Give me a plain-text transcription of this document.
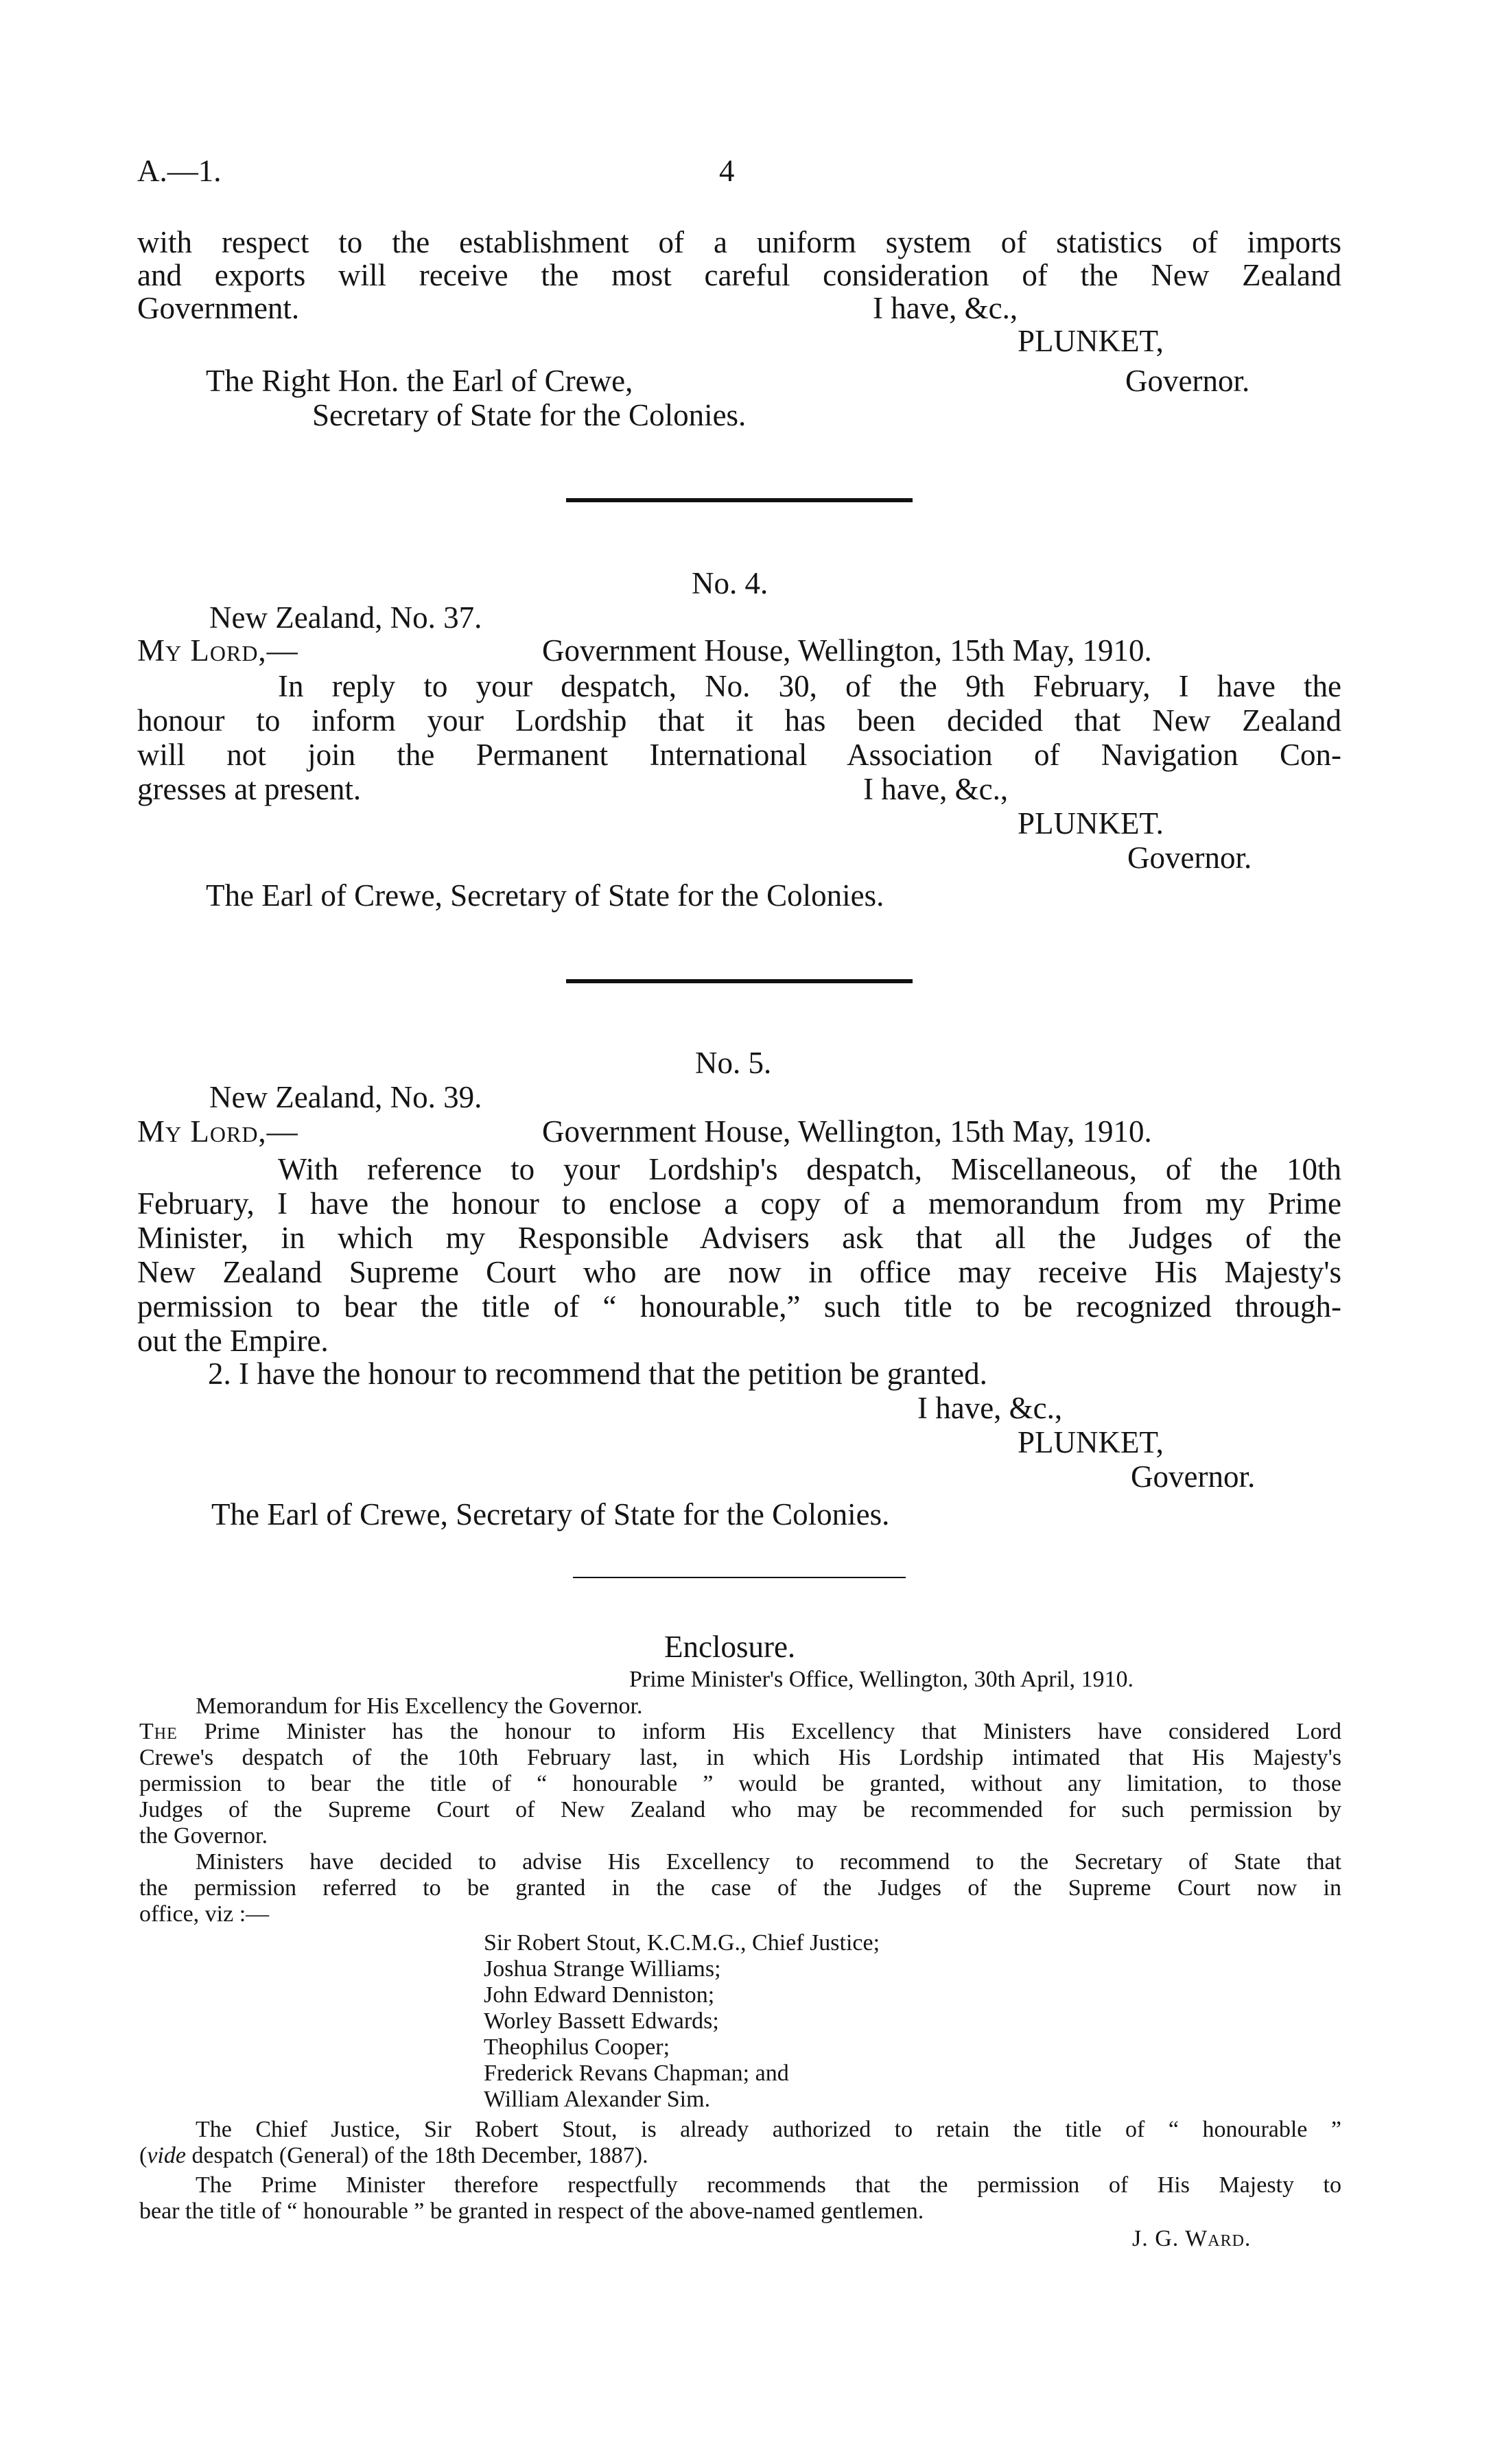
A.—1.	4
with respect to the establishment of a uniform system of statistics of imports
and exports will receive the most careful consideration of the New Zealand
Government.	I have, &c.,
PLUNKET,
The Right Hon. the Earl of Crewe,	Governor.
Secretary of State for the Colonies.
No. 4.
New Zealand, No. 37.
My Lord,—	Government House, Wellington, 15th May, 1910.
In reply to your despatch, No. 30, of the 9th February, I have the
honour to inform your Lordship that it has been decided that New Zealand
will not join the Permanent International Association of Navigation Con-
gresses at present.	I have, &c.,
PLUNKET.
Governor.
The Earl of Crewe, Secretary of State for the Colonies.
No. 5.
New Zealand, No. 39.
My Lord,—	Government House, Wellington, 15th May, 1910.
With reference to your Lordship's despatch, Miscellaneous, of the 10th
February, I have the honour to enclose a copy of a memorandum from my Prime
Minister, in which my Responsible Advisers ask that all the Judges of the
New Zealand Supreme Court who are now in office may receive His Majesty's
permission to bear the title of “ honourable,” such title to be recognized through-
out the Empire.
2. I have the honour to recommend that the petition be granted.
I have, &c.,
PLUNKET,
Governor.
The Earl of Crewe, Secretary of State for the Colonies.
Enclosure.
Prime Minister's Office, Wellington, 30th April, 1910.
Memorandum for His Excellency the Governor.
The Prime Minister has the honour to inform His Excellency that Ministers have considered Lord
Crewe's despatch of the 10th February last, in which His Lordship intimated that His Majesty's
permission to bear the title of “ honourable ” would be granted, without any limitation, to those
Judges of the Supreme Court of New Zealand who may be recommended for such permission by
the Governor.
Ministers have decided to advise His Excellency to recommend to the Secretary of State that
the permission referred to be granted in the case of the Judges of the Supreme Court now in
office, viz :—
Sir Robert Stout, K.C.M.G., Chief Justice;
Joshua Strange Williams;
John Edward Denniston;
Worley Bassett Edwards;
Theophilus Cooper;
Frederick Revans Chapman; and
William Alexander Sim.
The Chief Justice, Sir Robert Stout, is already authorized to retain the title of “ honourable ”
(vide despatch (General) of the 18th December, 1887).
The Prime Minister therefore respectfully recommends that the permission of His Majesty to
bear the title of “ honourable ” be granted in respect of the above-named gentlemen.
J. G. Ward.
